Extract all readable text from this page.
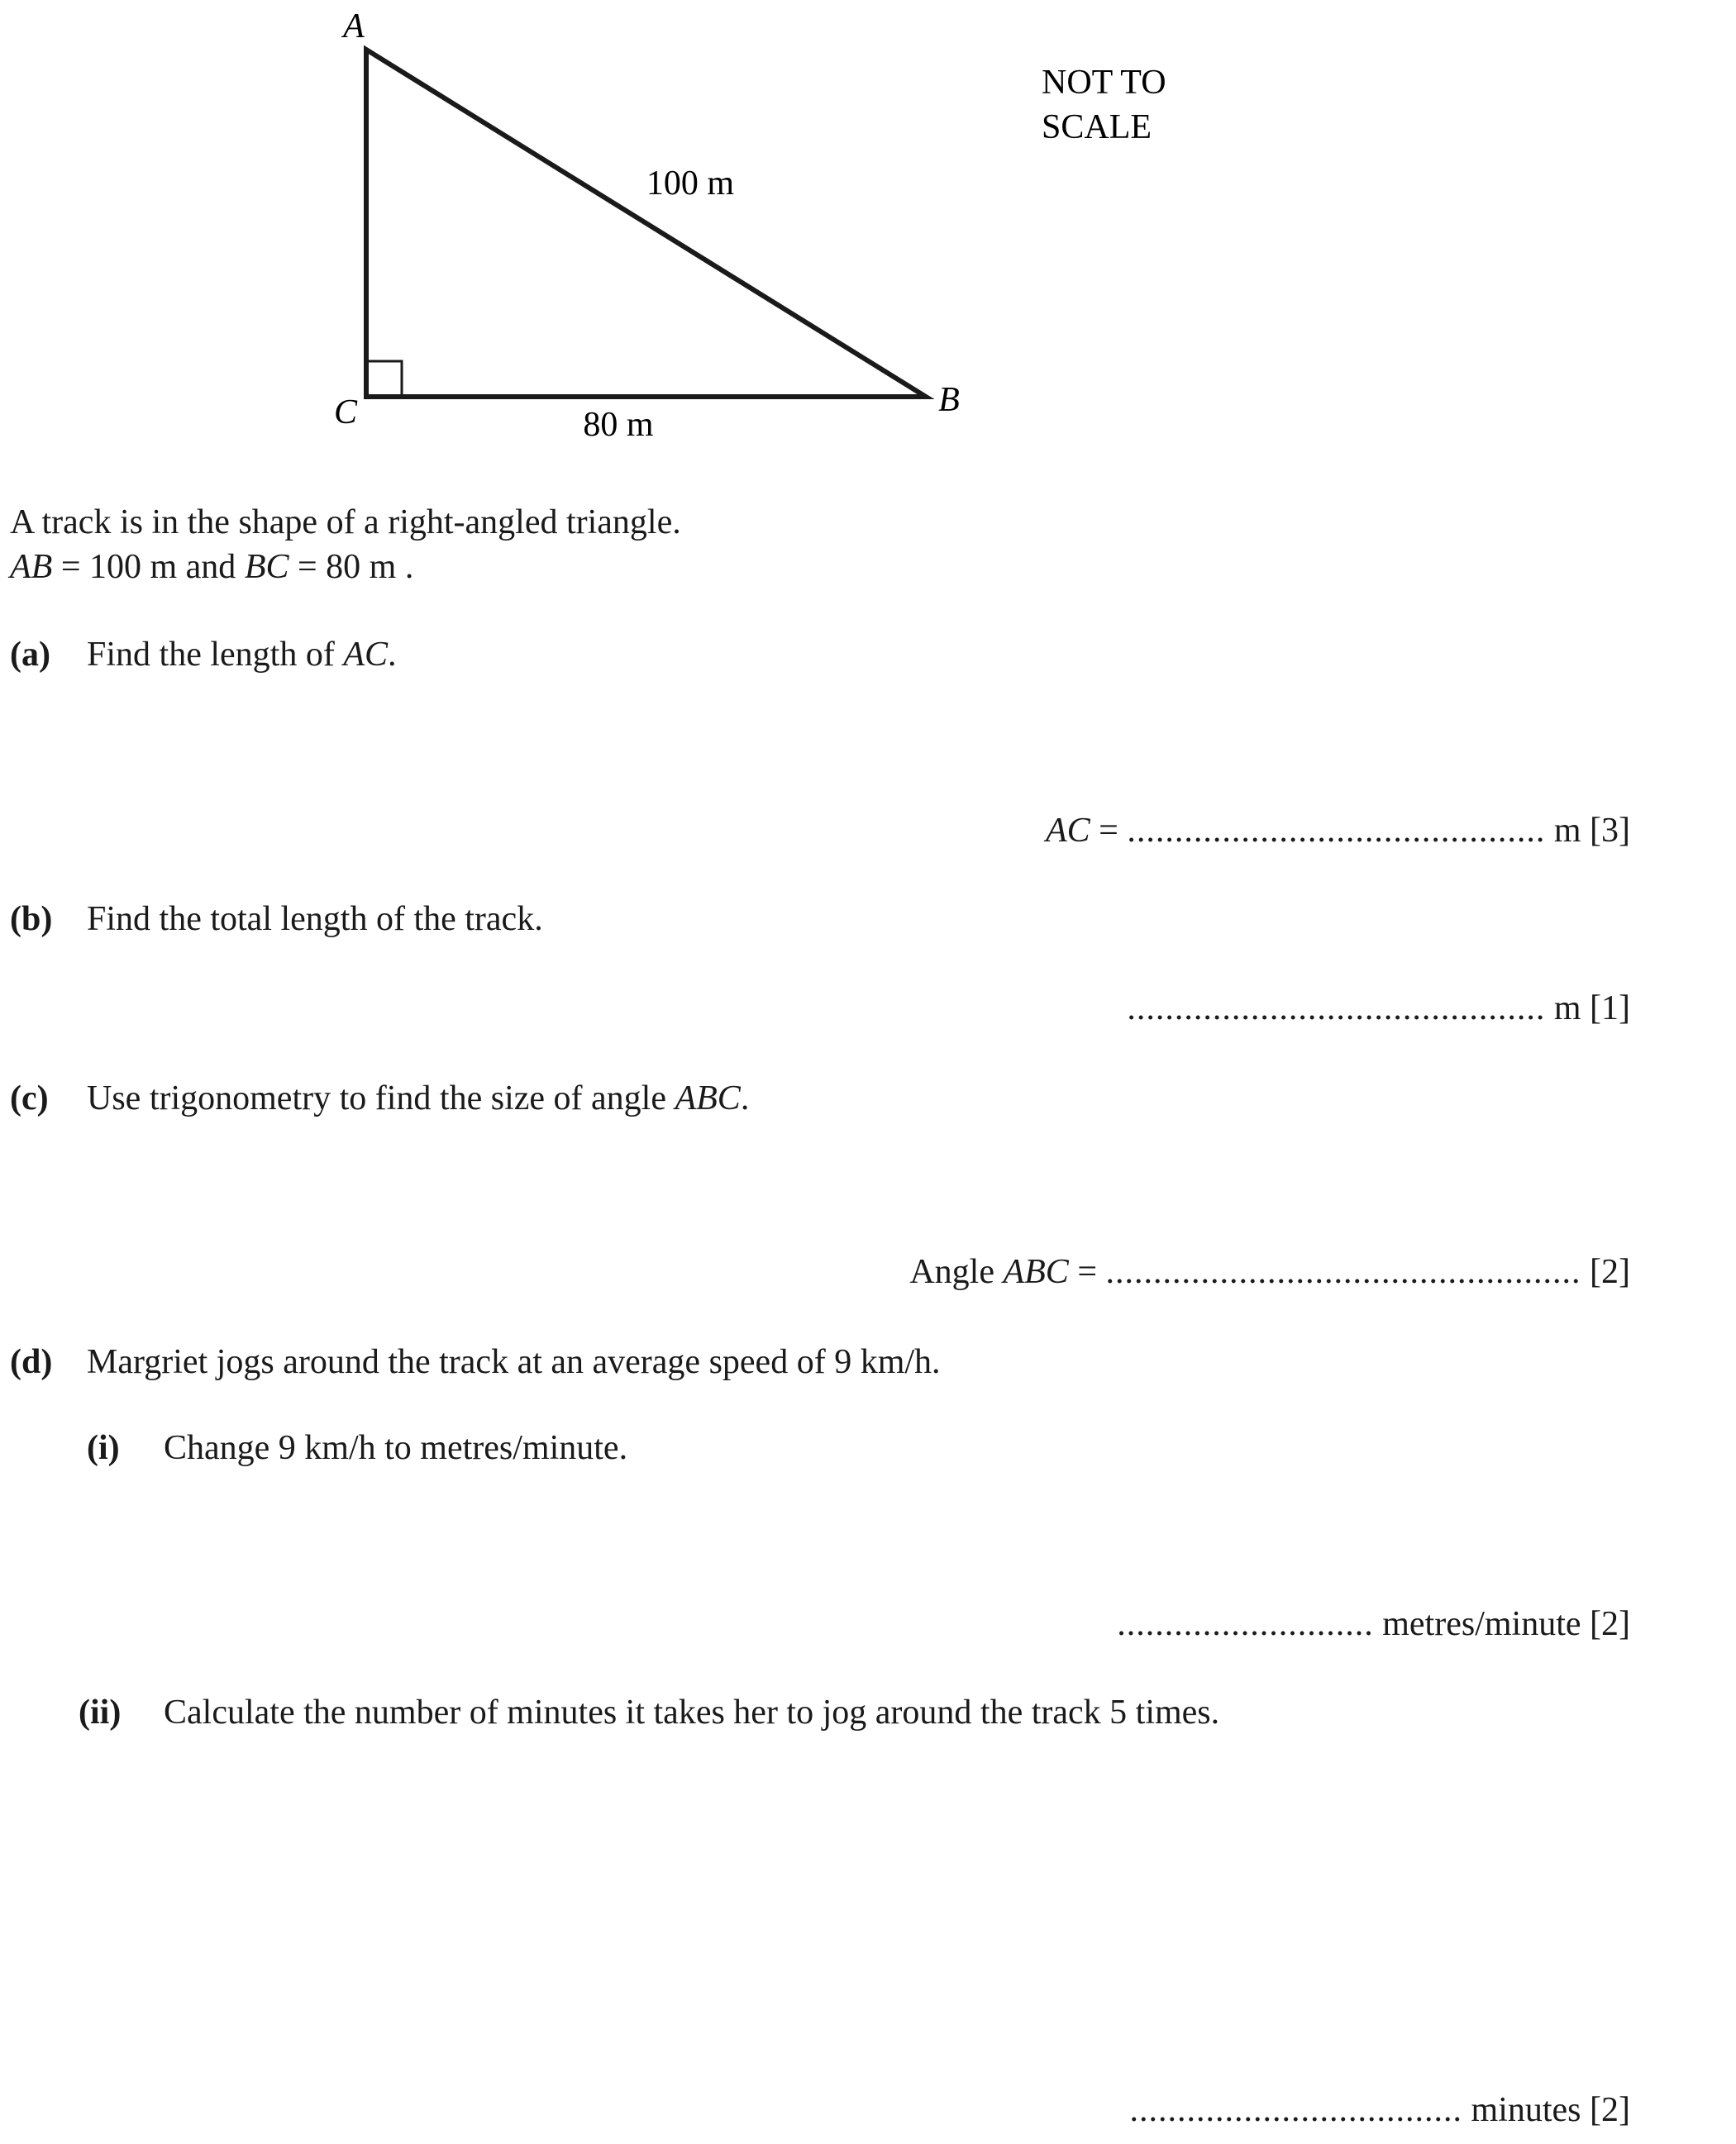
A
C	B
100 m
80 m
NOT TO
SCALE
A track is in the shape of a right-angled triangle.
AB = 100 m and BC = 80 m .
(a) Find the length of AC.
AC = ............................................ m [3]
(b) Find the total length of the track.
............................................ m [1]
(c) Use trigonometry to find the size of angle ABC.
Angle ABC = .................................................. [2]
(d) Margriet jogs around the track at an average speed of 9 km/h.
(i) Change 9 km/h to metres/minute.
........................... metres/minute [2]
(ii) Calculate the number of minutes it takes her to jog around the track 5 times.
................................... minutes [2]
